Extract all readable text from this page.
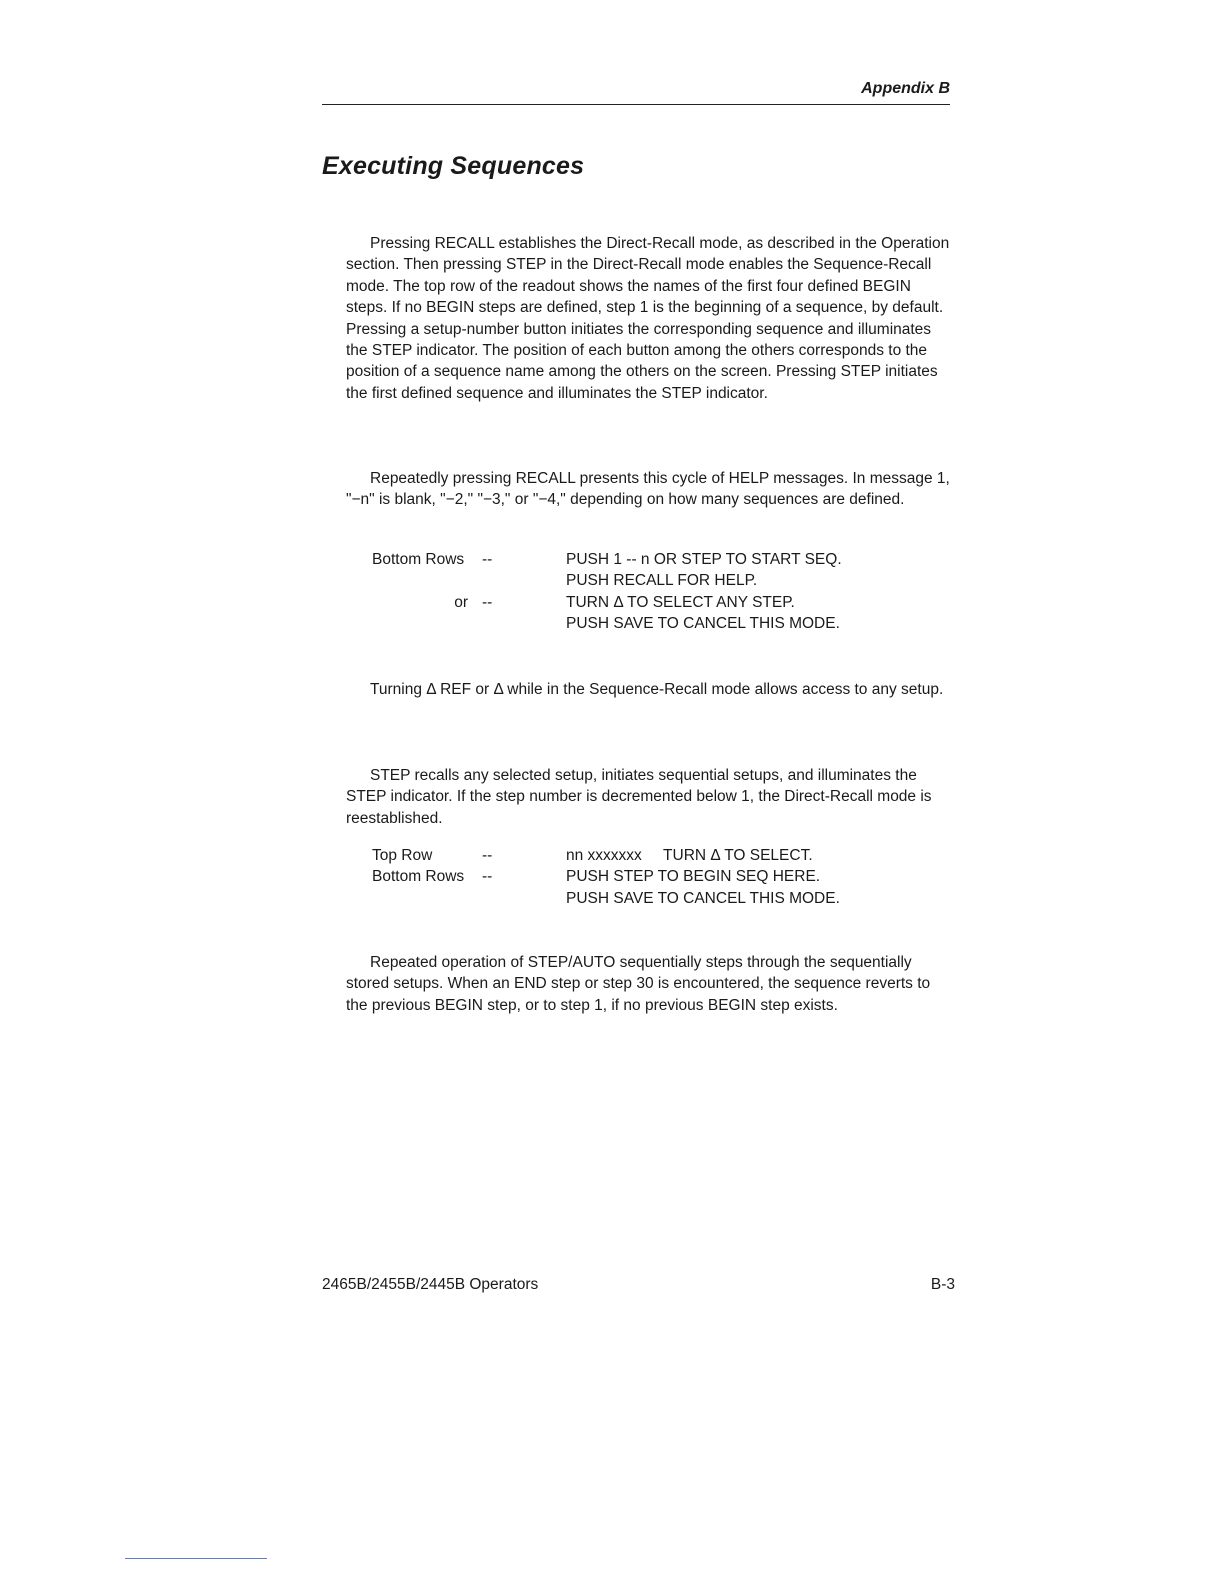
Appendix B
Executing Sequences

Pressing RECALL establishes the Direct-Recall mode, as described in the Operation section. Then pressing STEP in the Direct-Recall mode enables the Sequence-Recall mode. The top row of the readout shows the names of the first four defined BEGIN steps. If no BEGIN steps are defined, step 1 is the beginning of a sequence, by default. Pressing a setup-number button initiates the corresponding sequence and illuminates the STEP indicator. The position of each button among the others corresponds to the position of a sequence name among the others on the screen. Pressing STEP initiates the first defined sequence and illuminates the STEP indicator.

Repeatedly pressing RECALL presents this cycle of HELP messages. In message 1, "−n" is blank, "−2," "−3," or "−4," depending on how many sequences are defined.

Bottom Rows	--	PUSH 1 -- n OR STEP TO START SEQ.
PUSH RECALL FOR HELP.
or --	TURN Δ TO SELECT ANY STEP.
PUSH SAVE TO CANCEL THIS MODE.

Turning Δ REF or Δ while in the Sequence-Recall mode allows access to any setup.

STEP recalls any selected setup, initiates sequential setups, and illuminates the STEP indicator. If the step number is decremented below 1, the Direct-Recall mode is reestablished.

Top Row	--	nn xxxxxxx     TURN Δ TO SELECT.
Bottom Rows	--	PUSH STEP TO BEGIN SEQ HERE.
PUSH SAVE TO CANCEL THIS MODE.

Repeated operation of STEP/AUTO sequentially steps through the sequentially stored setups. When an END step or step 30 is encountered, the sequence reverts to the previous BEGIN step, or to step 1, if no previous BEGIN step exists.

2465B/2455B/2445B Operators	B-3
